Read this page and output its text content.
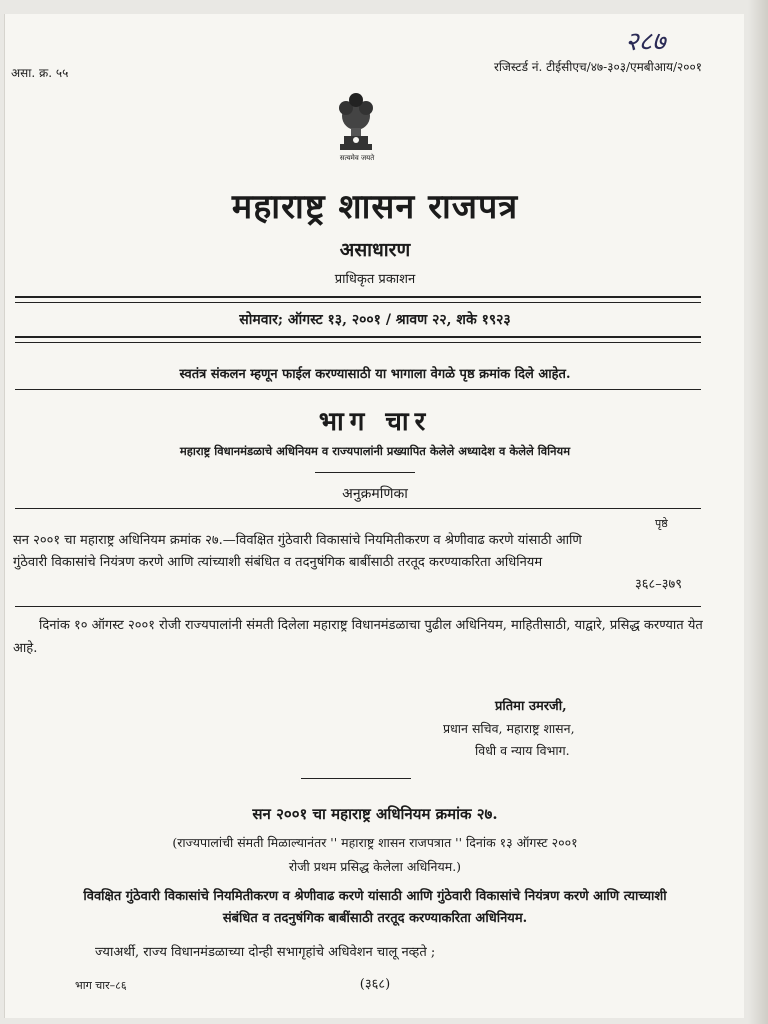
२८७
असा. क्र. ५५	रजिस्टर्ड नं. टीईसीएच/४७-३०३/एमबीआय/२००१
सत्यमेव जयते
महाराष्ट्र शासन राजपत्र
असाधारण
प्राधिकृत प्रकाशन
सोमवार; ऑगस्ट १३, २००१ / श्रावण २२, शके १९२३
स्वतंत्र संकलन म्हणून फाईल करण्यासाठी या भागाला वेगळे पृष्ठ क्रमांक दिले आहेत.
भाग चार
महाराष्ट्र विधानमंडळाचे अधिनियम व राज्यपालांनी प्रख्यापित केलेले अध्यादेश व केलेले विनियम
अनुक्रमणिका
पृष्ठे
सन २००१ चा महाराष्ट्र अधिनियम क्रमांक २७.—विवक्षित गुंठेवारी विकासांचे नियमितीकरण व श्रेणीवाढ करणे यांसाठी आणि गुंठेवारी विकासांचे नियंत्रण करणे आणि त्यांच्याशी संबंधित व तदनुषंगिक बाबींसाठी तरतूद करण्याकरिता अधिनियम
३६८–३७९
दिनांक १० ऑगस्ट २००१ रोजी राज्यपालांनी संमती दिलेला महाराष्ट्र विधानमंडळाचा पुढील अधिनियम, माहितीसाठी, याद्वारे, प्रसिद्ध करण्यात येत आहे.
प्रतिमा उमरजी,
प्रधान सचिव, महाराष्ट्र शासन,
विधी व न्याय विभाग.
सन २००१ चा महाराष्ट्र अधिनियम क्रमांक २७.
(राज्यपालांची संमती मिळाल्यानंतर '' महाराष्ट्र शासन राजपत्रात '' दिनांक १३ ऑगस्ट २००१
रोजी प्रथम प्रसिद्ध केलेला अधिनियम.)
विवक्षित गुंठेवारी विकासांचे नियमितीकरण व श्रेणीवाढ करणे यांसाठी आणि गुंठेवारी विकासांचे नियंत्रण करणे आणि त्याच्याशी संबंधित व तदनुषंगिक बाबींसाठी तरतूद करण्याकरिता अधिनियम.
ज्याअर्थी, राज्य विधानमंडळाच्या दोन्ही सभागृहांचे अधिवेशन चालू नव्हते ;
भाग चार–८६	(३६८)
